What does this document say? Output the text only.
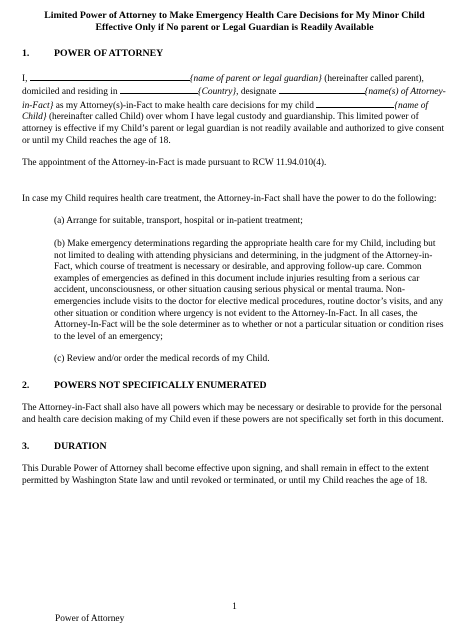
Limited Power of Attorney to Make Emergency Health Care Decisions for My Minor Child

Effective Only if No parent or Legal Guardian is Readily Available

1.	POWER OF ATTORNEY

I,	{name of parent or legal guardian} (hereinafter called parent), domiciled and residing in	{Country}, designate	{name(s) of Attorney-in-Fact} as my Attorney(s)-in-Fact to make health care decisions for my child	{name of Child} (hereinafter called Child) over whom I have legal custody and guardianship. This limited power of attorney is effective if my Child’s parent or legal guardian is not readily available and authorized to give consent or until my Child reaches the age of 18.

The appointment of the Attorney-in-Fact is made pursuant to RCW 11.94.010(4).

In case my Child requires health care treatment, the Attorney-in-Fact shall have the power to do the following:

(a) Arrange for suitable, transport, hospital or in-patient treatment;

(b) Make emergency determinations regarding the appropriate health care for my Child, including but not limited to dealing with attending physicians and determining, in the judgment of the Attorney-in-Fact, which course of treatment is necessary or desirable, and approving follow-up care. Common examples of emergencies as defined in this document include injuries resulting from a serious car accident, unconsciousness, or other situation causing serious physical or mental trauma. Non-emergencies include visits to the doctor for elective medical procedures, routine doctor’s visits, and any other situation or condition where urgency is not evident to the Attorney-In-Fact. In all cases, the Attorney-In-Fact will be the sole determiner as to whether or not a particular situation or condition rises to the level of an emergency;

(c) Review and/or order the medical records of my Child.

2.	POWERS NOT SPECIFICALLY ENUMERATED

The Attorney-in-Fact shall also have all powers which may be necessary or desirable to provide for the personal and health care decision making of my Child even if these powers are not specifically set forth in this document.

3.	DURATION

This Durable Power of Attorney shall become effective upon signing, and shall remain in effect to the extent permitted by Washington State law and until revoked or terminated, or until my Child reaches the age of 18.

1
Power of Attorney
